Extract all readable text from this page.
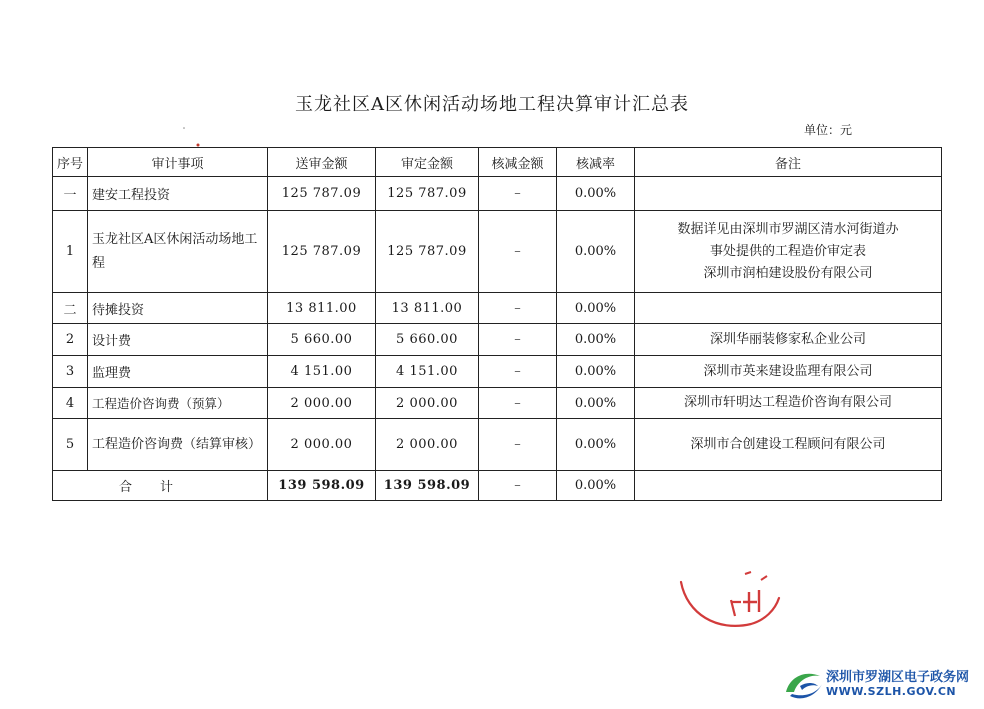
玉龙社区A区休闲活动场地工程决算审计汇总表
单位：元
序号	审计事项	送审金额	审定金额	核减金额	核减率	备注
一	建安工程投资	125 787.09	125 787.09	–	0.00%	
1	玉龙社区A区休闲活动场地工程	125 787.09	125 787.09	–	0.00%	数据详见由深圳市罗湖区清水河街道办
事处提供的工程造价审定表
深圳市润柏建设股份有限公司

二	待摊投资	13 811.00	13 811.00	–	0.00%	
2	设计费	5 660.00	5 660.00	–	0.00%	深圳华丽装修家私企业公司
3	监理费	4 151.00	4 151.00	–	0.00%	深圳市英来建设监理有限公司
4	工程造价咨询费（预算）	2 000.00	2 000.00	–	0.00%	深圳市轩明达工程造价咨询有限公司
5	工程造价咨询费（结算审核）	2 000.00	2 000.00	–	0.00%	深圳市合创建设工程顾问有限公司
合计		139 598.09	139 598.09	–	0.00%	
深圳市罗湖区电子政务网
WWW.SZLH.GOV.CN
